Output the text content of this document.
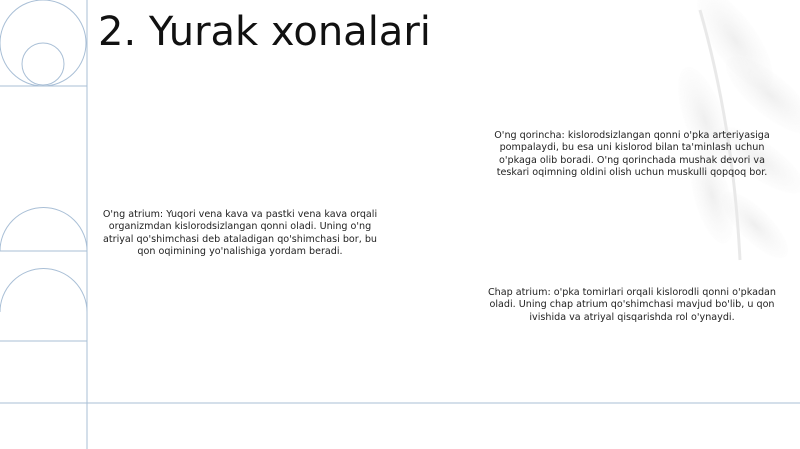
2. Yurak xonalari

O'ng qorincha: kislorodsizlangan qonni o'pka arteriyasiga pompalaydi, bu esa uni kislorod bilan ta'minlash uchun o'pkaga olib boradi. O'ng qorinchada mushak devori va teskari oqimning oldini olish uchun muskulli qopqoq bor.

O'ng atrium: Yuqori vena kava va pastki vena kava orqali organizmdan kislorodsizlangan qonni oladi. Uning o'ng atriyal qo'shimchasi deb ataladigan qo'shimchasi bor, bu qon oqimining yo'nalishiga yordam beradi.

Chap atrium: o'pka tomirlari orqali kislorodli qonni o'pkadan oladi. Uning chap atrium qo'shimchasi mavjud bo'lib, u qon ivishida va atriyal qisqarishda rol o'ynaydi.
